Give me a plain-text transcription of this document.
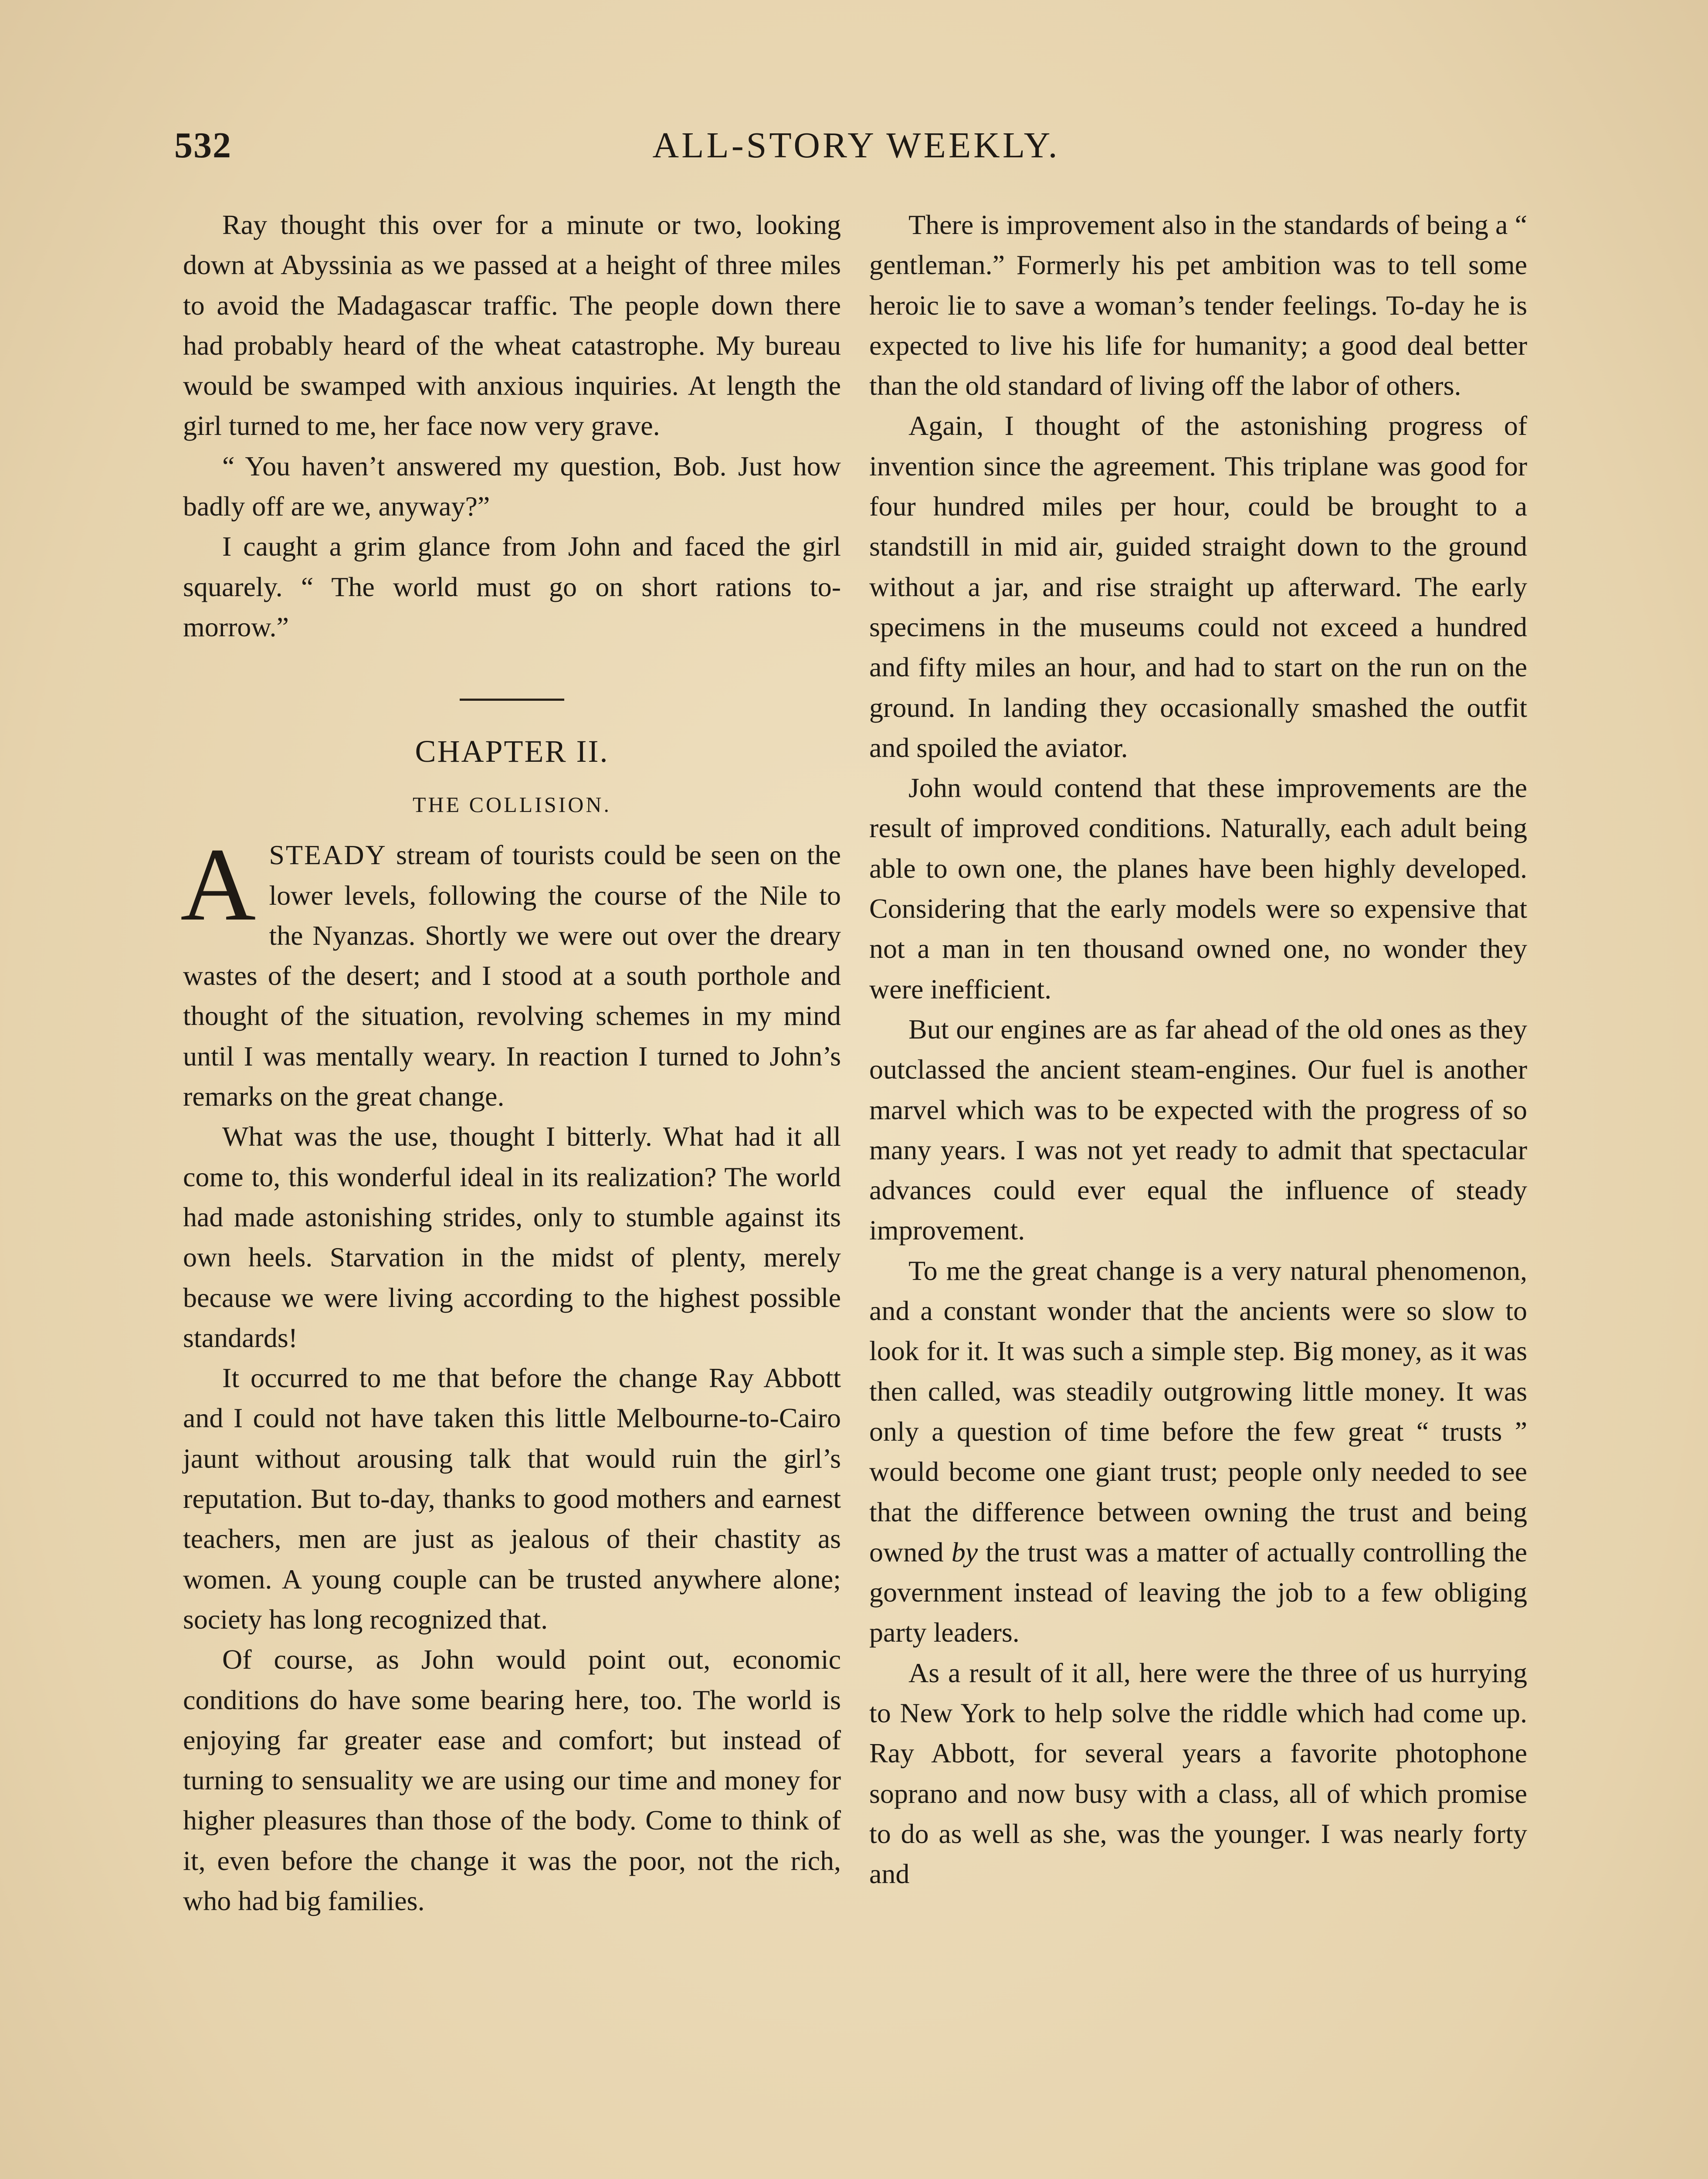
532	ALL-STORY WEEKLY.

Ray thought this over for a minute or two, looking down at Abyssinia as we passed at a height of three miles to avoid the Madagascar traffic. The people down there had probably heard of the wheat catastrophe. My bureau would be swamped with anxious inquiries. At length the girl turned to me, her face now very grave.

“ You haven’t answered my question, Bob. Just how badly off are we, anyway?”

I caught a grim glance from John and faced the girl squarely. “ The world must go on short rations to-morrow.”

CHAPTER II.
THE COLLISION.

ASTEADY stream of tourists could be seen on the lower levels, following the course of the Nile to the Nyanzas. Shortly we were out over the dreary wastes of the desert; and I stood at a south porthole and thought of the situation, revolving schemes in my mind until I was mentally weary. In reaction I turned to John’s remarks on the great change.

What was the use, thought I bitterly. What had it all come to, this wonderful ideal in its realization? The world had made astonishing strides, only to stumble against its own heels. Starvation in the midst of plenty, merely because we were living according to the highest possible standards!

It occurred to me that before the change Ray Abbott and I could not have taken this little Melbourne-to-Cairo jaunt without arousing talk that would ruin the girl’s reputation. But to-day, thanks to good mothers and earnest teachers, men are just as jealous of their chastity as women. A young couple can be trusted anywhere alone; society has long recognized that.

Of course, as John would point out, economic conditions do have some bearing here, too. The world is enjoying far greater ease and comfort; but instead of turning to sensuality we are using our time and money for higher pleasures than those of the body. Come to think of it, even before the change it was the poor, not the rich, who had big families.

There is improvement also in the standards of being a “ gentleman.” Formerly his pet ambition was to tell some heroic lie to save a woman’s tender feelings. To-day he is expected to live his life for humanity; a good deal better than the old standard of living off the labor of others.

Again, I thought of the astonishing progress of invention since the agreement. This triplane was good for four hundred miles per hour, could be brought to a standstill in mid air, guided straight down to the ground without a jar, and rise straight up afterward. The early specimens in the museums could not exceed a hundred and fifty miles an hour, and had to start on the run on the ground. In landing they occasionally smashed the outfit and spoiled the aviator.

John would contend that these improvements are the result of improved conditions. Naturally, each adult being able to own one, the planes have been highly developed. Considering that the early models were so expensive that not a man in ten thousand owned one, no wonder they were inefficient.

But our engines are as far ahead of the old ones as they outclassed the ancient steam-engines. Our fuel is another marvel which was to be expected with the progress of so many years. I was not yet ready to admit that spectacular advances could ever equal the influence of steady improvement.

To me the great change is a very natural phenomenon, and a constant wonder that the ancients were so slow to look for it. It was such a simple step. Big money, as it was then called, was steadily outgrowing little money. It was only a question of time before the few great “ trusts ” would become one giant trust; people only needed to see that the difference between owning the trust and being owned by the trust was a matter of actually controlling the government instead of leaving the job to a few obliging party leaders.

As a result of it all, here were the three of us hurrying to New York to help solve the riddle which had come up. Ray Abbott, for several years a favorite photophone soprano and now busy with a class, all of which promise to do as well as she, was the younger. I was nearly forty and
